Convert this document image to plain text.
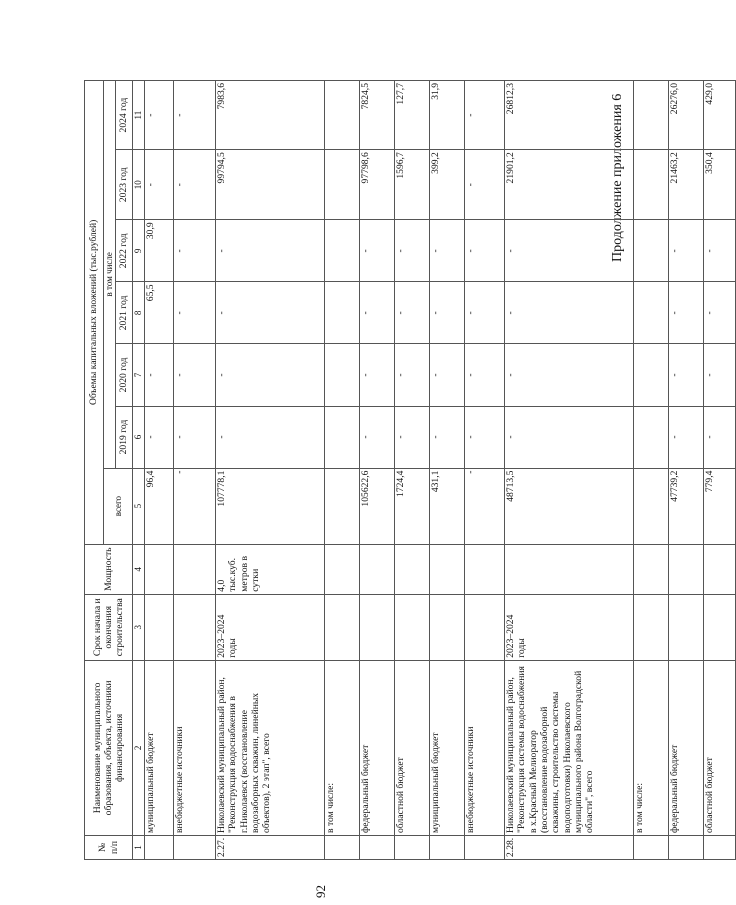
92
Продолжение приложения 6
№ п/п	Наименование муниципального образования, объекта, источники финансирования	Срок начала и окончания строительства	Мощность	Объемы капитальных вложений (тыс.рублей)						
				всего	в том числе					
					2019 год	2020 год	2021 год	2022 год	2023 год	2024 год
1	2	3	4	5	6	7	8	9	10	11
	муниципальный бюджет			96,4	-	-	65,5	30,9	-	-
	внебюджетные источники			-	-	-	-	-	-	-
2.27.	Николаевский муниципальный район, "Реконструкция водоснабжения в г.Николаевск (восстановление водозаборных скважин, линейных объектов), 2 этап", всего	2023–2024 годы	4,0 тыс.куб. метров в сутки	107778,1	-	-	-	-	99794,5	7983,6
	в том числе:									
	федеральный бюджет			105622,6	-	-	-	-	97798,6	7824,5
	областной бюджет			1724,4	-	-	-	-	1596,7	127,7
	муниципальный бюджет			431,1	-	-	-	-	399,2	31,9
	внебюджетные источники			-	-	-	-	-	-	-
2.28.	Николаевский муниципальный район, "Реконструкция системы водоснабжения в х.Красный Мелиоратор (восстановление водозаборной скважины, строительство системы водоподготовки) Николаевского муниципального района Волгоградской области", всего	2023–2024 годы		48713,5	-	-	-	-	21901,2	26812,3
	в том числе:									
	федеральный бюджет			47739,2	-	-	-	-	21463,2	26276,0
	областной бюджет			779,4	-	-	-	-	350,4	429,0
